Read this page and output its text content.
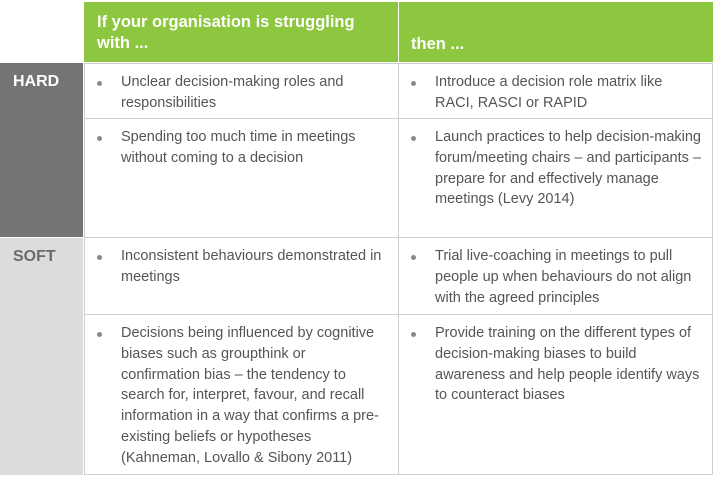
If your organisation is struggling with ...	then ...
HARD
SOFT
Unclear decision-making roles and responsibilities
Introduce a decision role matrix like RACI, RASCI or RAPID
Spending too much time in meetings without coming to a decision
Launch practices to help decision-making forum/meeting chairs – and participants – prepare for and effectively manage meetings (Levy 2014)
Inconsistent behaviours demonstrated in meetings
Trial live-coaching in meetings to pull people up when behaviours do not align with the agreed principles
Decisions being influenced by cognitive biases such as groupthink or confirmation bias – the tendency to search for, interpret, favour, and recall information in a way that confirms a pre-existing beliefs or hypotheses (Kahneman, Lovallo & Sibony 2011)
Provide training on the different types of decision-making biases to build awareness and help people identify ways to counteract biases
